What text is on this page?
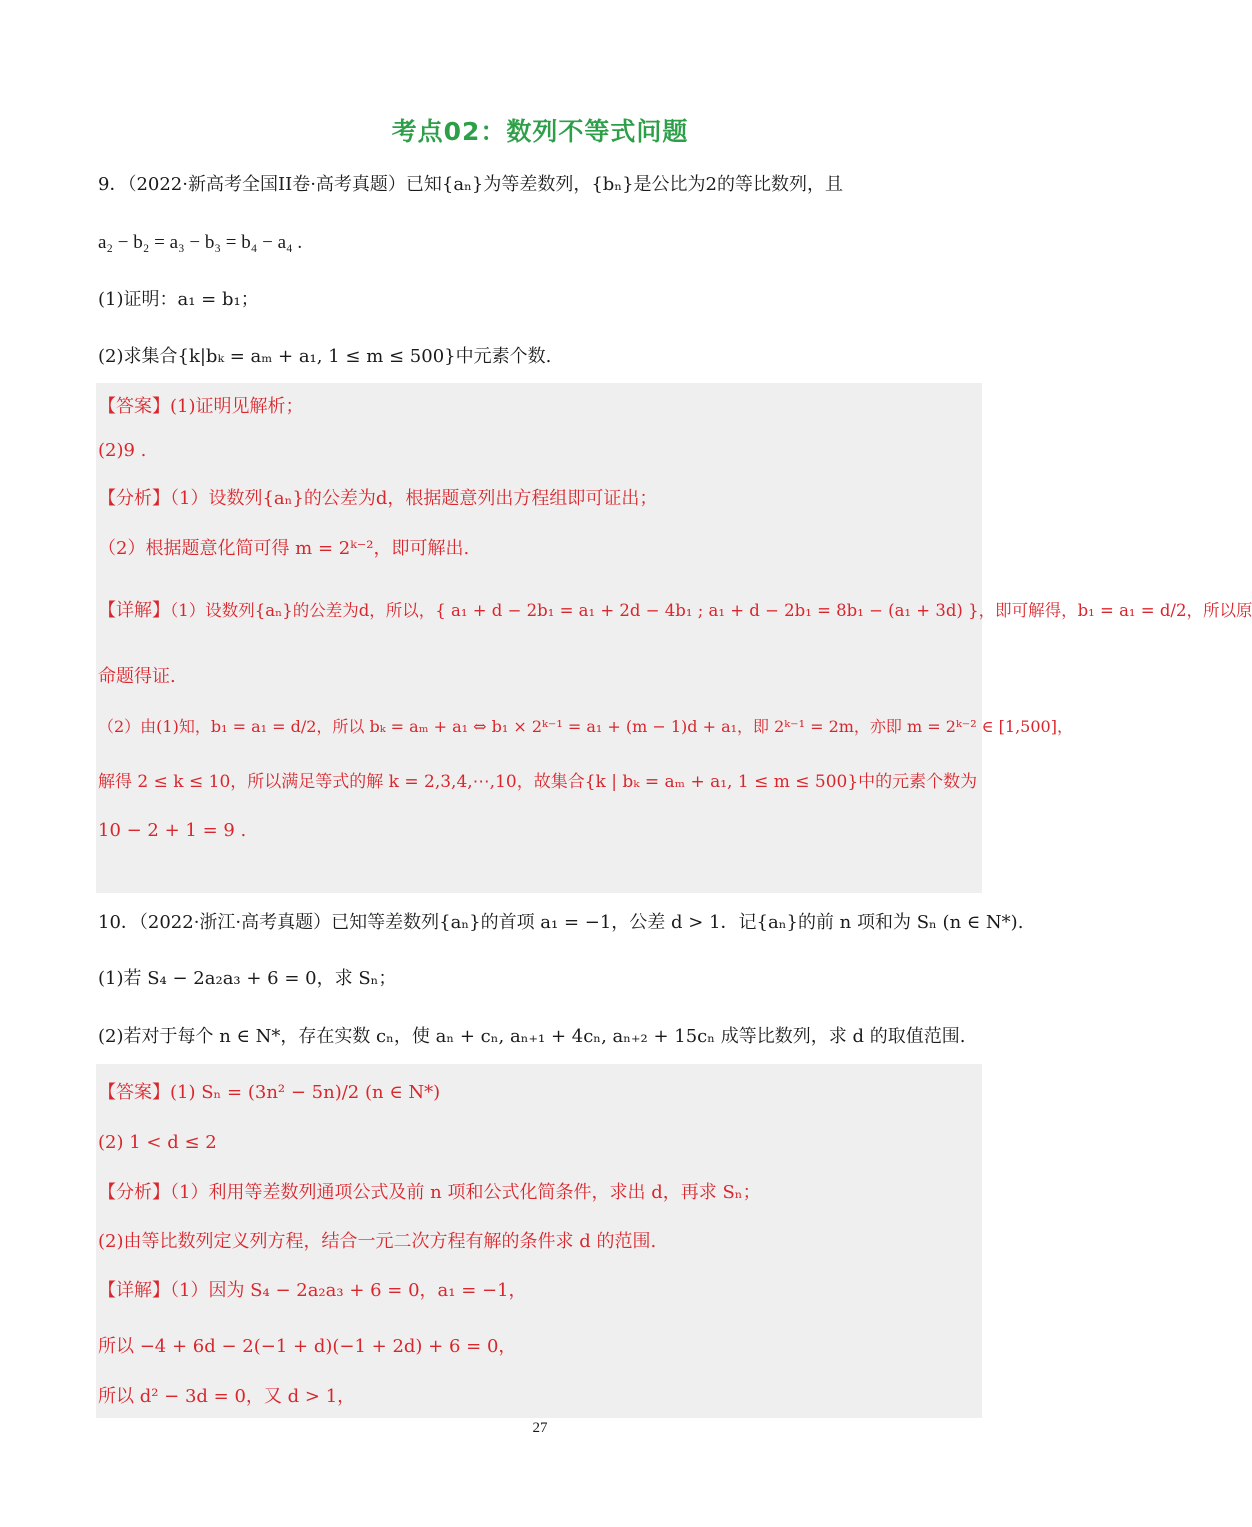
考点02：数列不等式问题
9．（2022·新高考全国II卷·高考真题）已知{aₙ}为等差数列，{bₙ}是公比为2的等比数列，且
a₂ − b₂ = a₃ − b₃ = b₄ − a₄ .
(1)证明：a₁ = b₁；
(2)求集合{k|bₖ = aₘ + a₁, 1 ≤ m ≤ 500}中元素个数.
【答案】(1)证明见解析；
(2)9 .
【分析】（1）设数列{aₙ}的公差为d，根据题意列出方程组即可证出；
（2）根据题意化简可得 m = 2ᵏ⁻²，即可解出.
【详解】（1）设数列{aₙ}的公差为d，所以，{ a₁ + d − 2b₁ = a₁ + 2d − 4b₁ ; a₁ + d − 2b₁ = 8b₁ − (a₁ + 3d) }，即可解得，b₁ = a₁ = d/2，所以原
命题得证.
（2）由(1)知，b₁ = a₁ = d/2，所以 bₖ = aₘ + a₁ ⇔ b₁ × 2ᵏ⁻¹ = a₁ + (m − 1)d + a₁，即 2ᵏ⁻¹ = 2m，亦即 m = 2ᵏ⁻² ∈ [1,500]，
解得 2 ≤ k ≤ 10，所以满足等式的解 k = 2,3,4,⋯,10，故集合{k | bₖ = aₘ + a₁, 1 ≤ m ≤ 500}中的元素个数为
10 − 2 + 1 = 9 .
10．（2022·浙江·高考真题）已知等差数列{aₙ}的首项 a₁ = −1，公差 d > 1．记{aₙ}的前 n 项和为 Sₙ (n ∈ N*).
(1)若 S₄ − 2a₂a₃ + 6 = 0，求 Sₙ；
(2)若对于每个 n ∈ N*，存在实数 cₙ，使 aₙ + cₙ, aₙ₊₁ + 4cₙ, aₙ₊₂ + 15cₙ 成等比数列，求 d 的取值范围.
【答案】(1) Sₙ = (3n² − 5n)/2 (n ∈ N*)
(2) 1 < d ≤ 2
【分析】（1）利用等差数列通项公式及前 n 项和公式化简条件，求出 d，再求 Sₙ；
(2)由等比数列定义列方程，结合一元二次方程有解的条件求 d 的范围.
【详解】（1）因为 S₄ − 2a₂a₃ + 6 = 0，a₁ = −1，
所以 −4 + 6d − 2(−1 + d)(−1 + 2d) + 6 = 0，
所以 d² − 3d = 0，又 d > 1，
27
